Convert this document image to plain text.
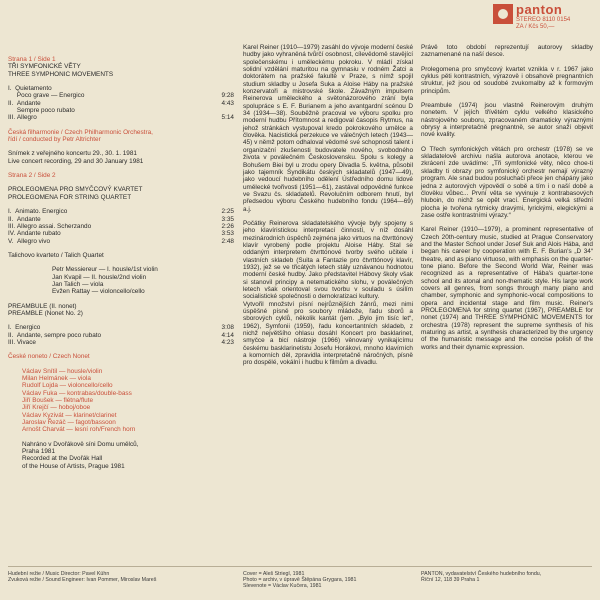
panton
STEREO 8110 0154
ZA / Kčs 50,—
Strana 1 / Side 1
TŘI SYMFONICKÉ VĚTY
THREE SYMPHONIC MOVEMENTS
I.  Quietamento
Poco grave — Energico	9:28
II.  Andante	4:43
Sempre poco rubato
III. Allegro	5:14
Česká filharmonie / Czech Philharmonic Orchestra,
řídí / conducted by Petr Altrichter
Snímek z veřejného koncertu 29., 30. 1. 1981
Live concert recording, 29 and 30 January 1981
Strana 2 / Side 2
PROLEGOMENA PRO SMYČCOVÝ KVARTET
PROLEGOMENA FOR STRING QUARTET
I.  Animato. Energico	2:25
II.  Andante	3:35
III. Allegro assai. Scherzando	2:26
IV. Andante rubato	3:53
V.  Allegro vivo	2:48
Talichovo kvarteto / Talich Quartet
Petr Messiereur — I. housle/1st violin
Jan Kvapil — II. housle/2nd violin
Jan Talich — viola
Evžen Rattay — violoncello/cello
PREAMBULE (II. nonet)
PREAMBLE (Nonet No. 2)
I.  Energico	3:08
II.  Andante, sempre poco rubato	4:14
III. Vivace	4:23
České noneto / Czech Nonet
Václav Snítil — housle/violin
Milan Helmánek — viola
Rudolf Lojda — violoncello/cello
Václav Fuka — kontrabas/double-bass
Jiří Boušek — flétna/flute
Jiří Krejčí — hoboj/oboe
Václav Kyzivát — klarinet/clarinet
Jaroslav Řezáč — fagot/bassoon
Arnošt Charvát — lesní roh/French horn
Nahráno v Dvořákově síni Domu umělců,
Praha 1981
Recorded at the Dvořák Hall
of the House of Artists, Prague 1981
Karel Reiner (1910—1979) zasáhl do vývoje moderní české hudby jako vyhraněná tvůrčí osobnost, cílevědomě stavějící společenskému i uměleckému pokroku. V mládí získal solidní vzdělání maturitou na gymnasiu v rodném Žatci a doktorátem na pražské fakultě v Praze, s nímž spojil studium skladby u Josefa Suka a Aloise Háby na pražské konzervatoři a mistrovské škole. Závažným impulsem Reinerova uměleckého a světonázorového zrání byla spolupráce s E. F. Burianem a jeho avantgardní scénou D 34 (1934—38). Souběžně pracoval ve výboru spolku pro moderní hudbu Přítomnost a redigoval časopis Rytmus, na jehož stránkách vystupoval kredo pokrokového umělce a člověka. Nacistická perzekuce ve válečných letech (1943—45) v němž potom odhaloval vědomé své schopnosti talent i organizační zkušenosti budovatele nového, svobodného života v poválečném Československu. Spolu s kolegy a Bohušem Biei byl u zrodu opery Divadla 5. května, působil jako tajemník Syndikátu českých skladatelů (1947—49), jako vedoucí hudebního odělení Ústředního domu lidové umělecké tvořivosti (1951—61), zastával odpovědné funkce ve Svazu čs. skladatelů. Revolučním odborem hnutí, byl předsedou výboru Českého hudebního fondu (1964—69) a.j.
Počátky Reinerova skladatelského vývoje byly spojeny s jeho klavíristickou interpretací činností, v níž dosáhl mezinárodních úspěchů zejména jako virtuos na čtvrttónový klavír vyrobený podle projektu Aloise Háby. Stal se oddaným interpretem čtvrttónové tvorby svého učitele i vlastních skladeb (Suita a Fantazie pro čtvrttónový klavír, 1932), jež se ve třicátých letech stály uznávanou hodnotou moderní české hudby. Jako představitel Hábovy školy však si stanovil principy a netematického slohu, v poválečných letech však orientoval svou tvorbu v souladu s úsilím socialistické společnosti o demokratizaci kultury.
Vytvořil množství písní nejrůznějších žánrů, mezi nimi úspěšné písně pro soubory mládeže, řadu sborů a sborových cyklů, několik kantát (jem. „Bylo jim tisíc let“, 1962), Symfonii (1959), řadu koncertantních skladeb, z nichž největšího ohlasu dosáhl Koncert pro basklarinet, smyčce a bicí nástroje (1966) věnovaný vynikajícímu českému basklarinetistu Josefu Horákovi, mnoho klavírních a komorních děl, zpravidla interpretačně náročných, písně pro dospělé, vokální i hudbu k filmům a divadlu.
Právě toto období reprezentují autorovy skladby zaznamenané na naší desce.
Prolegomena pro smyčcový kvartet vznikla v r. 1967 jako cyklus pěti kontrastních, výrazově i obsahově pregnantních struktur, jež jsou od soudobé zvukomalby až k formovým principům.
Preambule (1974) jsou vlastně Reinerovým druhým nonetem. V jejích třívětém cyklu velkého klasického nástrojového souboru, zpracovaném dramaticky výraznými obrysy a interpretačně pregnantně, se autor snaží objevit nové kvality.
O Třech symfonických větách pro orchestr (1978) se ve skladatelově archivu našla autorova anotace, kterou ve zkrácení zde uvádíme: „Tři symfonické věty, něco choe-ti skladby ti obrazy pro symfonický orchestr nemají výrazný program. Ale snad budou posluchači přece jen chápány jako jedna z autorových výpovědí o sobě a tím i o naší době a člověku vůbec... První věta se vyvinuje z kontrabasových hluboin, do nichž se opět vrací. Energická velká střední plocha je tvořena rytmicky dravými, lyrickými, elegickými a zase ostře kontrastními výrazy.“
Karel Reiner (1910—1979), a prominent representative of Czech 20th-century music, studied at Prague Conservatory and the Master School under Josef Suk and Alois Hába, and began his career by cooperation with E. F. Burian's „D 34“ theatre, and as piano virtuoso, with emphasis on the quarter-tone piano. Before the Second World War, Reiner was recognized as a representative of Hába's quarter-tone school and its atonal and non-thematic style. His large work covers all genres, from songs through many piano and chamber, symphonic and symphonic-vocal compositions to opera and incidental stage and film music. Reiner's PROLEGOMENA for string quartet (1967), PREAMBLE for nonet (1974) and THREE SYMPHONIC MOVEMENTS for orchestra (1978) represent the supreme synthesis of his maturing as artist, a synthesis characterized by the urgency of the humanistic message and the concise polish of the works and their dynamic expression.
Hudební režie / Music Director: Pavel Kühn
Zvuková režie / Sound Engineer: Ivan Pommer, Miroslav Mareš
Cover = Aleš Striegl, 1981
Photo = archiv, v úpravě Štěpána Grygara, 1981
Slevenotе = Václav Kučera, 1981
PANTON, vydavatelství Českého hudebního fondu,
Říční 12, 118 39 Praha 1
